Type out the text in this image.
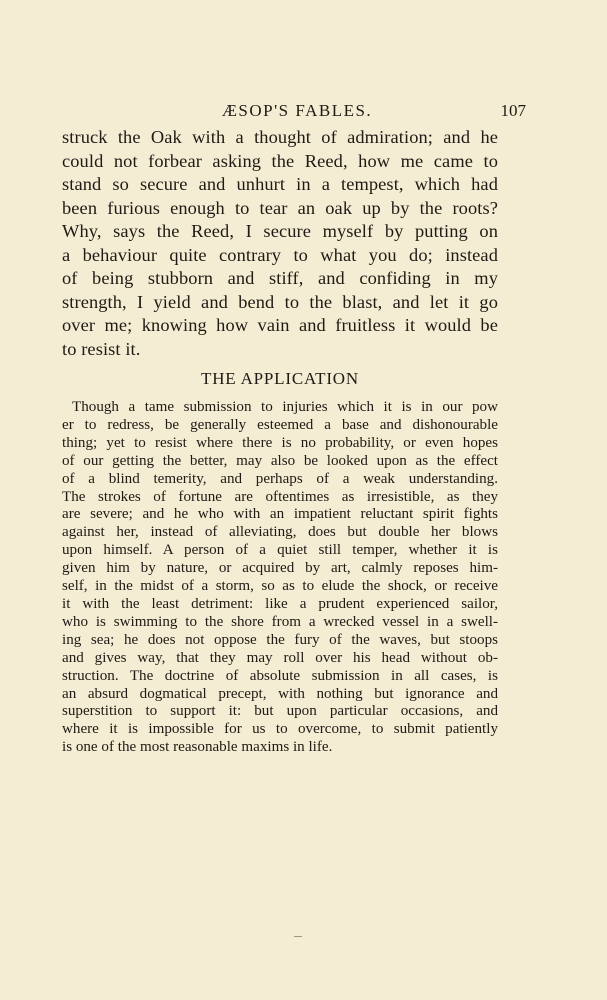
ÆSOP'S FABLES.	107
struck the Oak with a thought of admiration; and he
could not forbear asking the Reed, how me came to
stand so secure and unhurt in a tempest, which had
been furious enough to tear an oak up by the roots?
Why, says the Reed, I secure myself by putting on
a behaviour quite contrary to what you do; instead
of being stubborn and stiff, and confiding in my
strength, I yield and bend to the blast, and let it go
over me; knowing how vain and fruitless it would be
to resist it.
THE APPLICATION
Though a tame submission to injuries which it is in our pow
er to redress, be generally esteemed a base and dishonourable
thing; yet to resist where there is no probability, or even hopes
of our getting the better, may also be looked upon as the effect
of a blind temerity, and perhaps of a weak understanding.
The strokes of fortune are oftentimes as irresistible, as they
are severe; and he who with an impatient reluctant spirit fights
against her, instead of alleviating, does but double her blows
upon himself. A person of a quiet still temper, whether it is
given him by nature, or acquired by art, calmly reposes him-
self, in the midst of a storm, so as to elude the shock, or receive
it with the least detriment: like a prudent experienced sailor,
who is swimming to the shore from a wrecked vessel in a swell-
ing sea; he does not oppose the fury of the waves, but stoops
and gives way, that they may roll over his head without ob-
struction. The doctrine of absolute submission in all cases, is
an absurd dogmatical precept, with nothing but ignorance and
superstition to support it: but upon particular occasions, and
where it is impossible for us to overcome, to submit patiently
is one of the most reasonable maxims in life.
